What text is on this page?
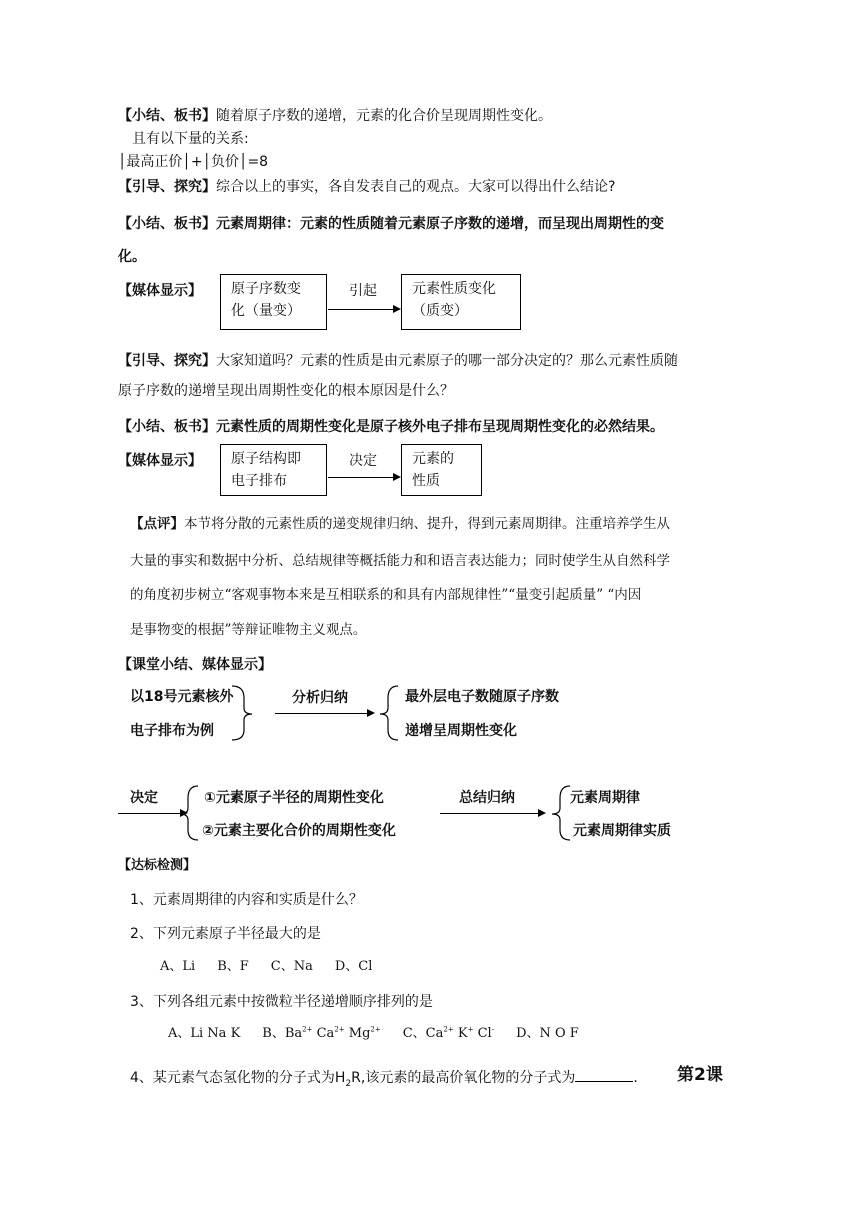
【小结、板书】随着原子序数的递增，元素的化合价呈现周期性变化。
且有以下量的关系:
│最高正价│+│负价│=8
【引导、探究】综合以上的事实，各自发表自己的观点。大家可以得出什么结论?
【小结、板书】元素周期律：元素的性质随着元素原子序数的递增，而呈现出周期性的变
化。
【媒体显示】 原子序数变
化（量变）
引起	元素性质变化
（质变）
【引导、探究】大家知道吗？元素的性质是由元素原子的哪一部分决定的？那么元素性质随
原子序数的递增呈现出周期性变化的根本原因是什么？
【小结、板书】元素性质的周期性变化是原子核外电子排布呈现周期性变化的必然结果。
【媒体显示】 原子结构即
电子排布
决定	元素的
性质
【点评】本节将分散的元素性质的递变规律归纳、提升，得到元素周期律。注重培养学生从
大量的事实和数据中分析、总结规律等概括能力和和语言表达能力；同时使学生从自然科学
的角度初步树立“客观事物本来是互相联系的和具有内部规律性”“量变引起质量” “内因
是事物变的根据”等辩证唯物主义观点。
【课堂小结、媒体显示】
以18号元素核外
电子排布为例
分析归纳	最外层电子数随原子序数
递增呈周期性变化
决定	①元素原子半径的周期性变化
②元素主要化合价的周期性变化
总结归纳	元素周期律
元素周期律实质
【达标检测】
1、元素周期律的内容和实质是什么？
2、下列元素原子半径最大的是
A、Li B、F C、Na D、Cl
3、下列各组元素中按微粒半径递增顺序排列的是
A、Li Na K B、$Ba^{2+}$ $Ca^{2+}$ $Mg^{2+}$ C、$Ca^{2+}$ K+ Cl- D、N O F
4、某元素气态氢化物的分子式为$H_2R$,该元素的最高价氧化物的分子式为	. 第2课
